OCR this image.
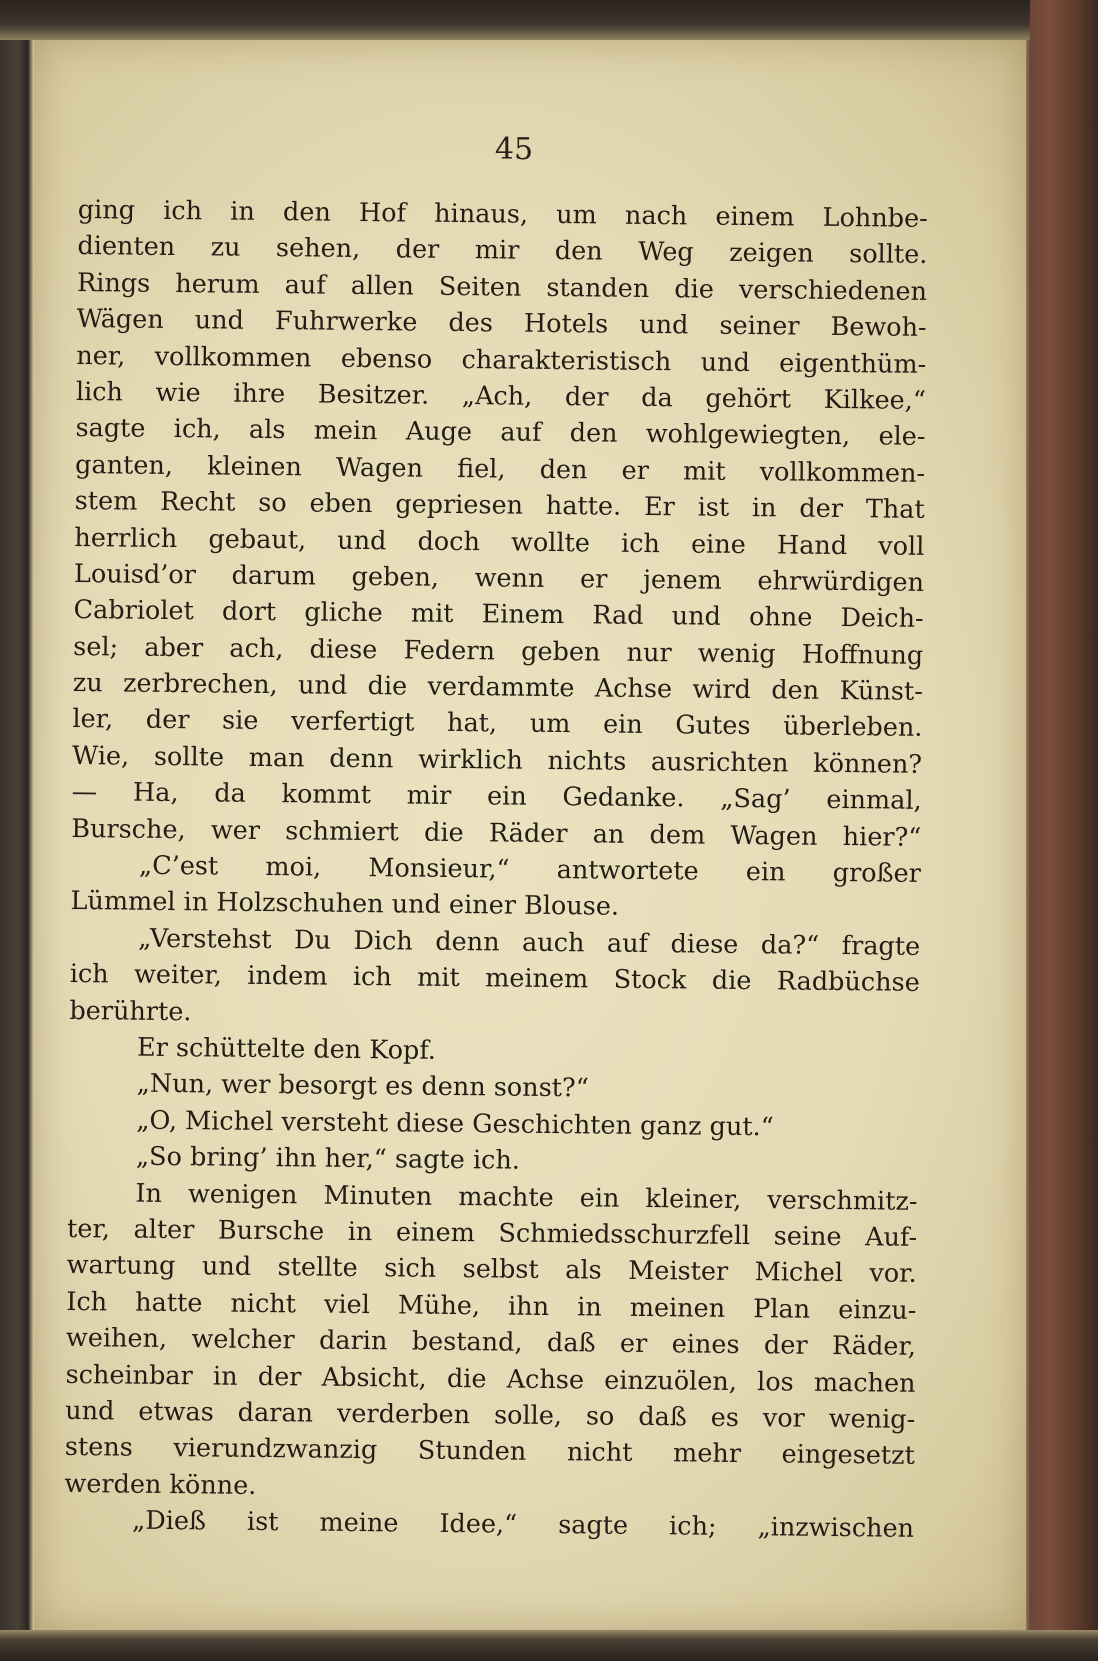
45
ging ich in den Hof hinaus, um nach einem Lohnbe-
dienten zu sehen, der mir den Weg zeigen sollte.
Rings herum auf allen Seiten standen die verschiedenen
Wägen und Fuhrwerke des Hotels und seiner Bewoh-
ner, vollkommen ebenso charakteristisch und eigenthüm-
lich wie ihre Besitzer. „Ach, der da gehört Kilkee,“
sagte ich, als mein Auge auf den wohlgewiegten, ele-
ganten, kleinen Wagen fiel, den er mit vollkommen-
stem Recht so eben gepriesen hatte. Er ist in der That
herrlich gebaut, und doch wollte ich eine Hand voll
Louisd’or darum geben, wenn er jenem ehrwürdigen
Cabriolet dort gliche mit Einem Rad und ohne Deich-
sel; aber ach, diese Federn geben nur wenig Hoffnung
zu zerbrechen, und die verdammte Achse wird den Künst-
ler, der sie verfertigt hat, um ein Gutes überleben.
Wie, sollte man denn wirklich nichts ausrichten können?
— Ha, da kommt mir ein Gedanke. „Sag’ einmal,
Bursche, wer schmiert die Räder an dem Wagen hier?“
„C’est moi, Monsieur,“ antwortete ein großer
Lümmel in Holzschuhen und einer Blouse.
„Verstehst Du Dich denn auch auf diese da?“ fragte
ich weiter, indem ich mit meinem Stock die Radbüchse
berührte.
Er schüttelte den Kopf.
„Nun, wer besorgt es denn sonst?“
„O, Michel versteht diese Geschichten ganz gut.“
„So bring’ ihn her,“ sagte ich.
In wenigen Minuten machte ein kleiner, verschmitz-
ter, alter Bursche in einem Schmiedsschurzfell seine Auf-
wartung und stellte sich selbst als Meister Michel vor.
Ich hatte nicht viel Mühe, ihn in meinen Plan einzu-
weihen, welcher darin bestand, daß er eines der Räder,
scheinbar in der Absicht, die Achse einzuölen, los machen
und etwas daran verderben solle, so daß es vor wenig-
stens vierundzwanzig Stunden nicht mehr eingesetzt
werden könne.
„Dieß ist meine Idee,“ sagte ich; „inzwischen
